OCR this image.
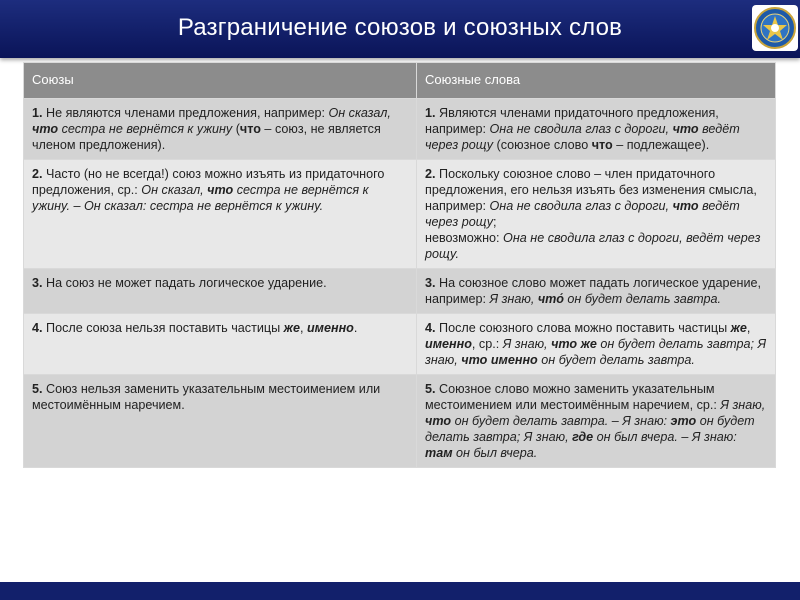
Разграничение союзов и союзных слов
Союзы	Союзные слова
1. Не являются членами предложения, например: Он сказал, что сестра не вернётся к ужину (что – союз, не является членом предложения).	1. Являются членами придаточного предложения, например: Она не сводила глаз с дороги, что ведёт через рощу (союзное слово что – подлежащее).
2. Часто (но не всегда!) союз можно изъять из придаточного предложения, ср.: Он сказал, что сестра не вернётся к ужину. – Он сказал: сестра не вернётся к ужину.	2. Поскольку союзное слово – член придаточного предложения, его нельзя изъять без изменения смысла, например: Она не сводила глаз с дороги, что ведёт через рощу;
невозможно: Она не сводила глаз с дороги, ведёт через рощу.
3. На союз не может падать логическое ударение.	3. На союзное слово может падать логическое ударение, например: Я знаю, что́ он будет делать завтра.
4. После союза нельзя поставить частицы же, именно.	4. После союзного слова можно поставить частицы же, именно, ср.: Я знаю, что же он будет делать завтра; Я знаю, что именно он будет делать завтра.
5. Союз нельзя заменить указательным местоимением или местоимённым наречием.	5. Союзное слово можно заменить указательным местоимением или местоимённым наречием, ср.: Я знаю, что он будет делать завтра. – Я знаю: это он будет делать завтра; Я знаю, где он был вчера. – Я знаю: там он был вчера.
